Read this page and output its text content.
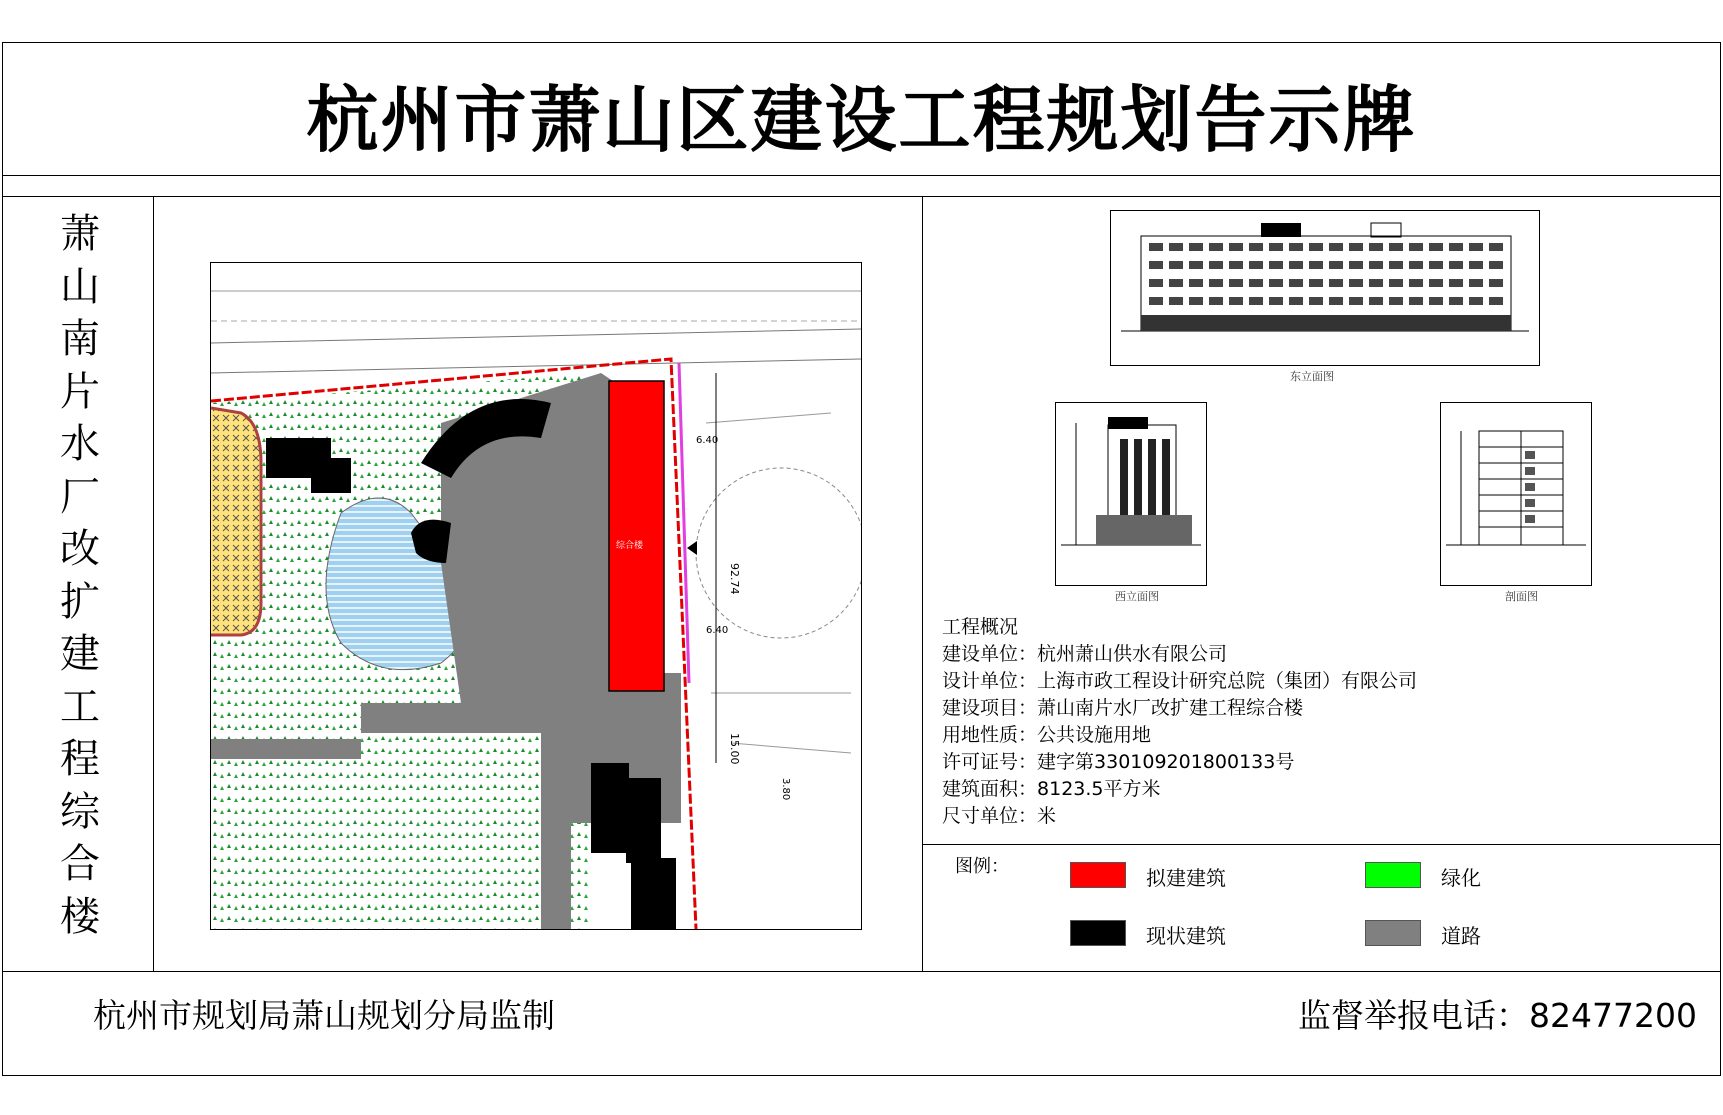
杭州市萧山区建设工程规划告示牌
萧
山
南
片
水
厂
改
扩
建
工
程
综
合
楼
92.74
15.00
6.40
6.40
3.80
综合楼
东立面图
西立面图	剖面图
工程概况
建设单位：杭州萧山供水有限公司
设计单位：上海市政工程设计研究总院（集团）有限公司
建设项目：萧山南片水厂改扩建工程综合楼
用地性质：公共设施用地
许可证号：建字第330109201800133号
建筑面积：8123.5平方米
尺寸单位：米
图例：	拟建建筑	绿化
现状建筑	道路
杭州市规划局萧山规划分局监制	监督举报电话：82477200
